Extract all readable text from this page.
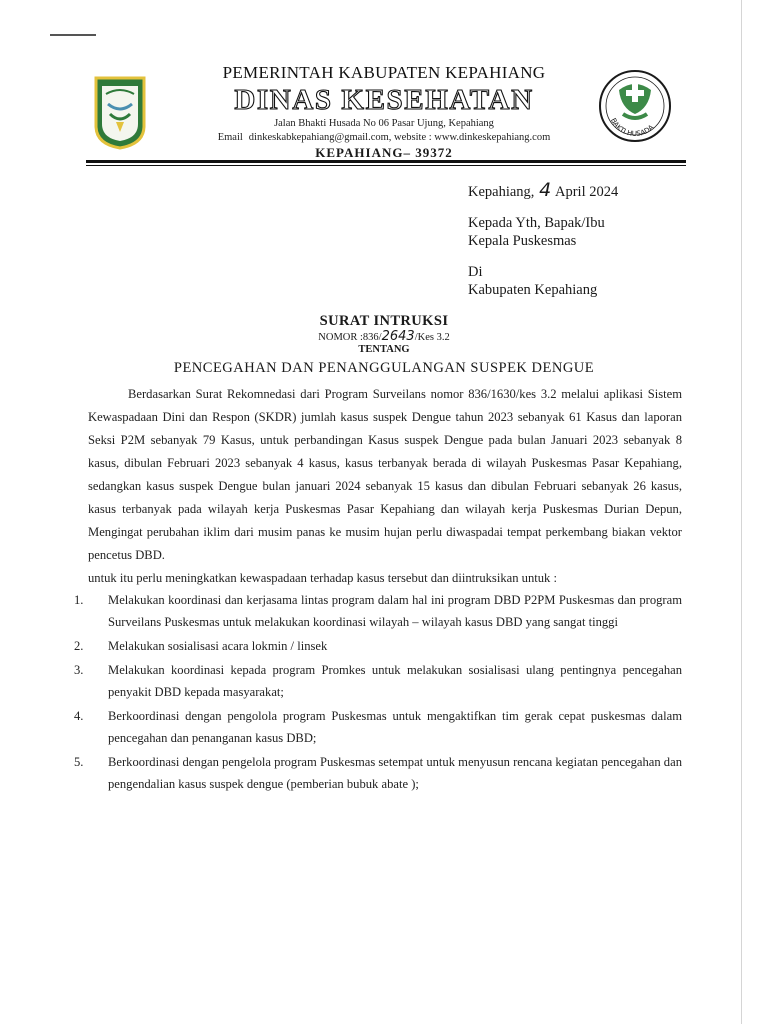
PEMERINTAH KABUPATEN KEPAHIANG
DINAS KESEHATAN
Jalan Bhakti Husada No 06 Pasar Ujung, Kepahiang
Email dinkeskabkepahiang@gmail.com, website : www.dinkeskepahiang.com
KEPAHIANG– 39372
BAKTI HUSADA
Kepahiang, 4 April 2024
Kepada Yth, Bapak/Ibu
Kepala Puskesmas
Di
Kabupaten Kepahiang
SURAT INTRUKSI
NOMOR :836/2643/Kes 3.2
TENTANG
PENCEGAHAN DAN PENANGGULANGAN SUSPEK DENGUE

Berdasarkan Surat Rekomnedasi dari Program Surveilans nomor 836/1630/kes 3.2 melalui aplikasi Sistem Kewaspadaan Dini dan Respon (SKDR) jumlah kasus suspek Dengue tahun 2023 sebanyak 61 Kasus dan laporan Seksi P2M sebanyak 79 Kasus, untuk perbandingan Kasus suspek Dengue pada bulan Januari 2023 sebanyak 8 kasus, dibulan Februari 2023 sebanyak 4 kasus, kasus terbanyak berada di wilayah Puskesmas Pasar Kepahiang, sedangkan kasus suspek Dengue bulan januari 2024 sebanyak 15 kasus dan dibulan Februari sebanyak 26 kasus, kasus terbanyak pada wilayah kerja Puskesmas Pasar Kepahiang dan wilayah kerja Puskesmas Durian Depun, Mengingat perubahan iklim dari musim panas ke musim hujan perlu diwaspadai tempat perkembang biakan vektor pencetus DBD.

untuk itu perlu meningkatkan kewaspadaan terhadap kasus tersebut dan diintruksikan untuk :

1.	Melakukan koordinasi dan kerjasama lintas program dalam hal ini program DBD P2PM Puskesmas dan program Surveilans Puskesmas untuk melakukan koordinasi wilayah – wilayah kasus DBD yang sangat tinggi
2.	Melakukan sosialisasi acara lokmin / linsek
3.	Melakukan koordinasi kepada program Promkes untuk melakukan sosialisasi ulang pentingnya pencegahan penyakit DBD kepada masyarakat;
4.	Berkoordinasi dengan pengolola program Puskesmas untuk mengaktifkan tim gerak cepat puskesmas dalam pencegahan dan penanganan kasus DBD;
5.	Berkoordinasi dengan pengelola program Puskesmas setempat untuk menyusun rencana kegiatan pencegahan dan pengendalian kasus suspek dengue (pemberian bubuk abate );
